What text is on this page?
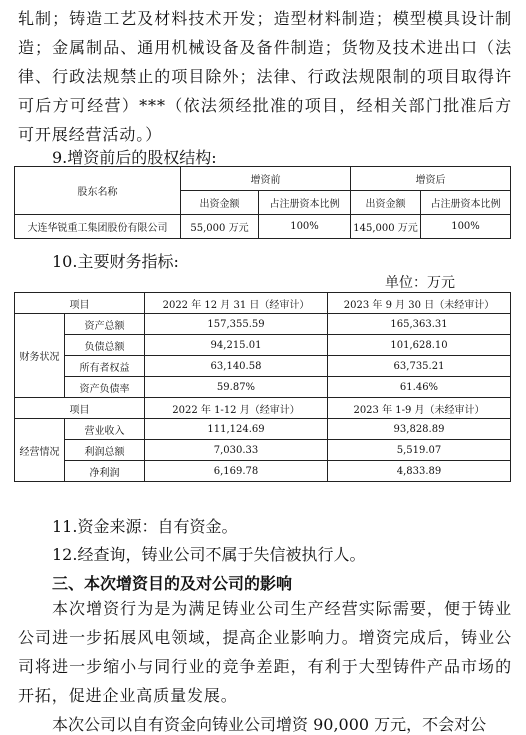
轧制；铸造工艺及材料技术开发；造型材料制造；模型模具设计制造；金属制品、通用机械设备及备件制造；货物及技术进出口（法律、行政法规禁止的项目除外；法律、行政法规限制的项目取得许可后方可经营）***（依法须经批准的项目，经相关部门批准后方可开展经营活动。）

9.增资前后的股权结构:

股东名称	增资前		增资后	
	出资金额	占注册资本比例	出资金额	占注册资本比例
大连华锐重工集团股份有限公司	55,000 万元	100%	145,000 万元	100%

10.主要财务指标:

单位：万元

项目		2022 年 12 月 31 日（经审计）	2023 年 9 月 30 日（未经审计）
财务状况	资产总额	157,355.59	165,363.31
	负债总额	94,215.01	101,628.10
	所有者权益	63,140.58	63,735.21
	资产负债率	59.87%	61.46%
项目		2022 年 1-12 月（经审计）	2023 年 1-9 月（未经审计）
经营情况	营业收入	111,124.69	93,828.89
	利润总额	7,030.33	5,519.07
	净利润	6,169.78	4,833.89

11.资金来源：自有资金。

12.经查询，铸业公司不属于失信被执行人。

三、本次增资目的及对公司的影响

本次增资行为是为满足铸业公司生产经营实际需要，便于铸业公司进一步拓展风电领域，提高企业影响力。增资完成后，铸业公司将进一步缩小与同行业的竞争差距，有利于大型铸件产品市场的开拓，促进企业高质量发展。

本次公司以自有资金向铸业公司增资 90,000 万元，不会对公
